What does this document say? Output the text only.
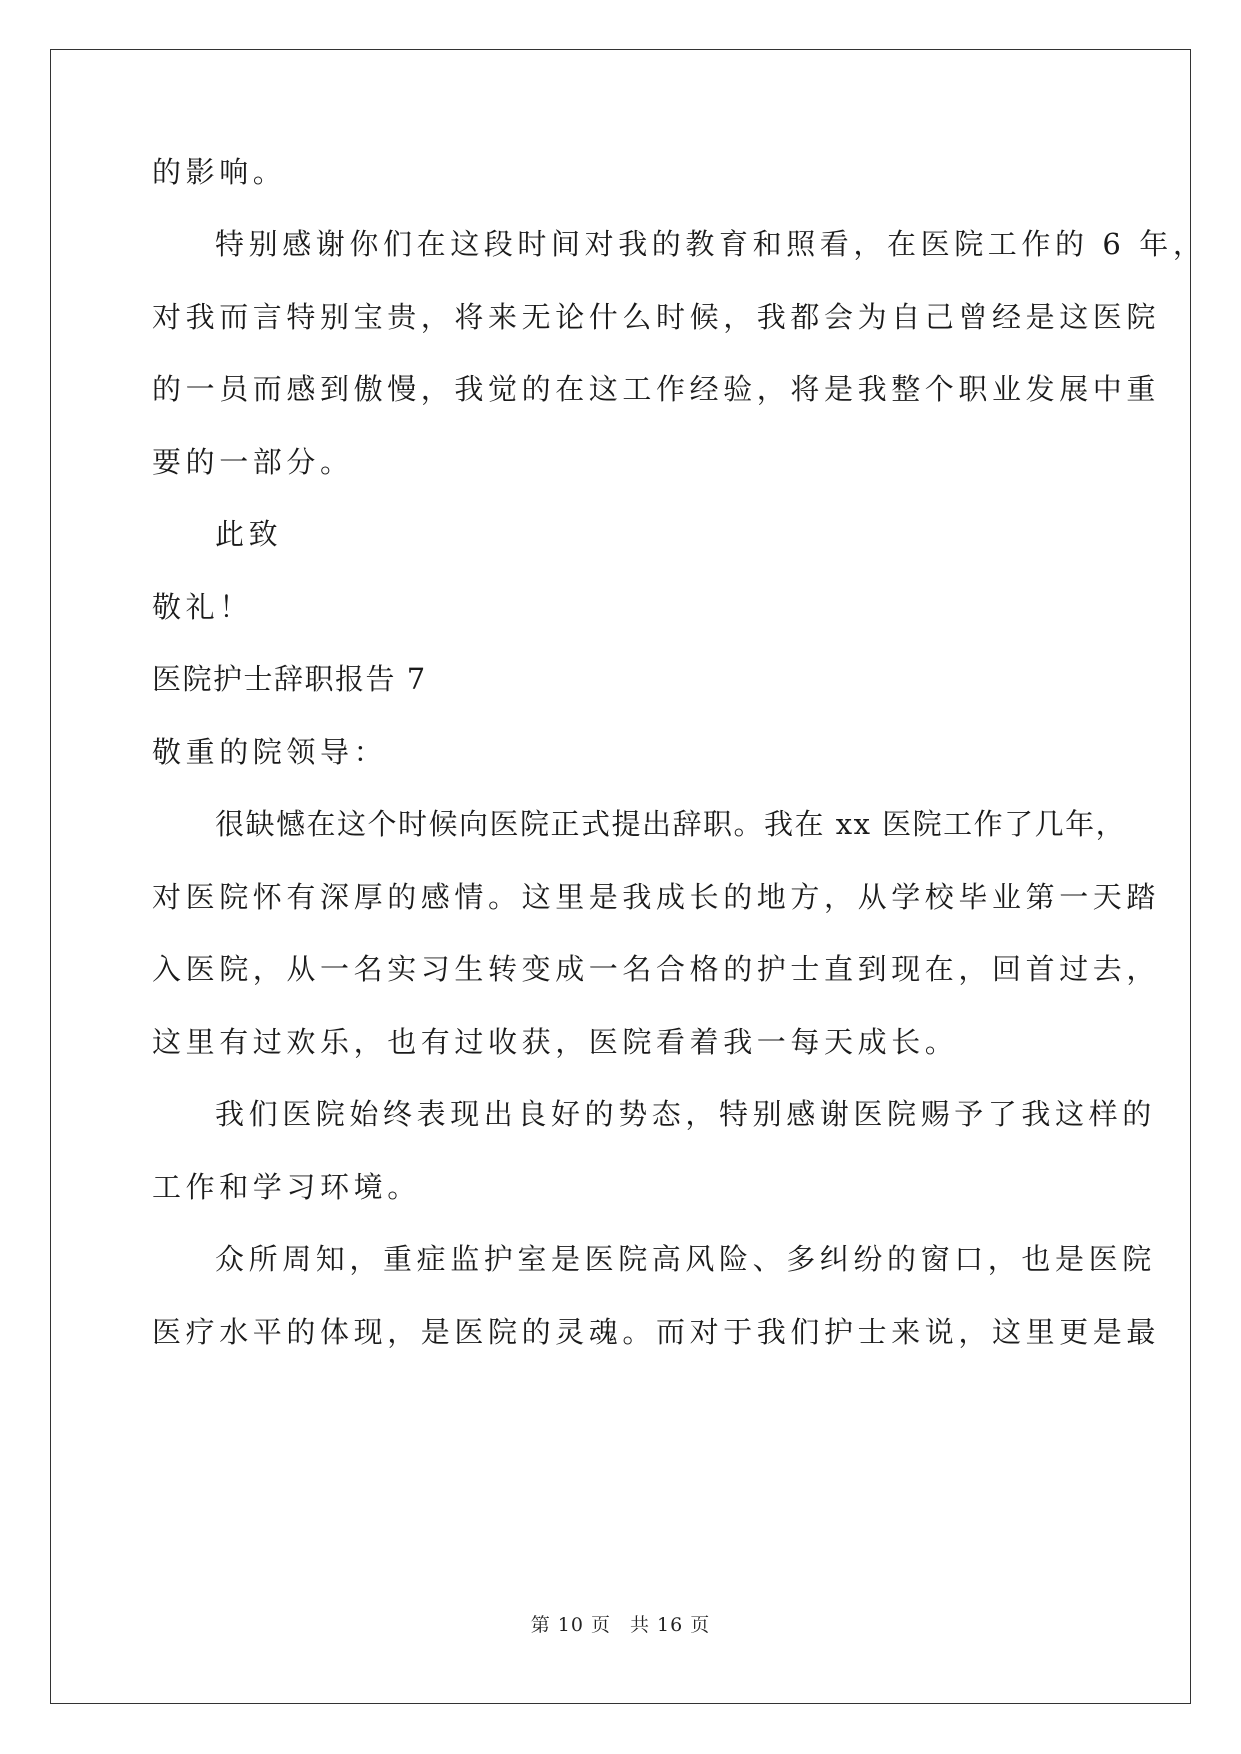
的影响。
特别感谢你们在这段时间对我的教育和照看，在医院工作的 6 年，
对我而言特别宝贵，将来无论什么时候，我都会为自己曾经是这医院
的一员而感到傲慢，我觉的在这工作经验，将是我整个职业发展中重
要的一部分。
此致
敬礼！
医院护士辞职报告 7
敬重的院领导：
很缺憾在这个时候向医院正式提出辞职。我在 xx 医院工作了几年，
对医院怀有深厚的感情。这里是我成长的地方，从学校毕业第一天踏
入医院，从一名实习生转变成一名合格的护士直到现在，回首过去，
这里有过欢乐，也有过收获，医院看着我一每天成长。
我们医院始终表现出良好的势态，特别感谢医院赐予了我这样的
工作和学习环境。
众所周知，重症监护室是医院高风险、多纠纷的窗口，也是医院
医疗水平的体现，是医院的灵魂。而对于我们护士来说，这里更是最
第 10 页 共 16 页
